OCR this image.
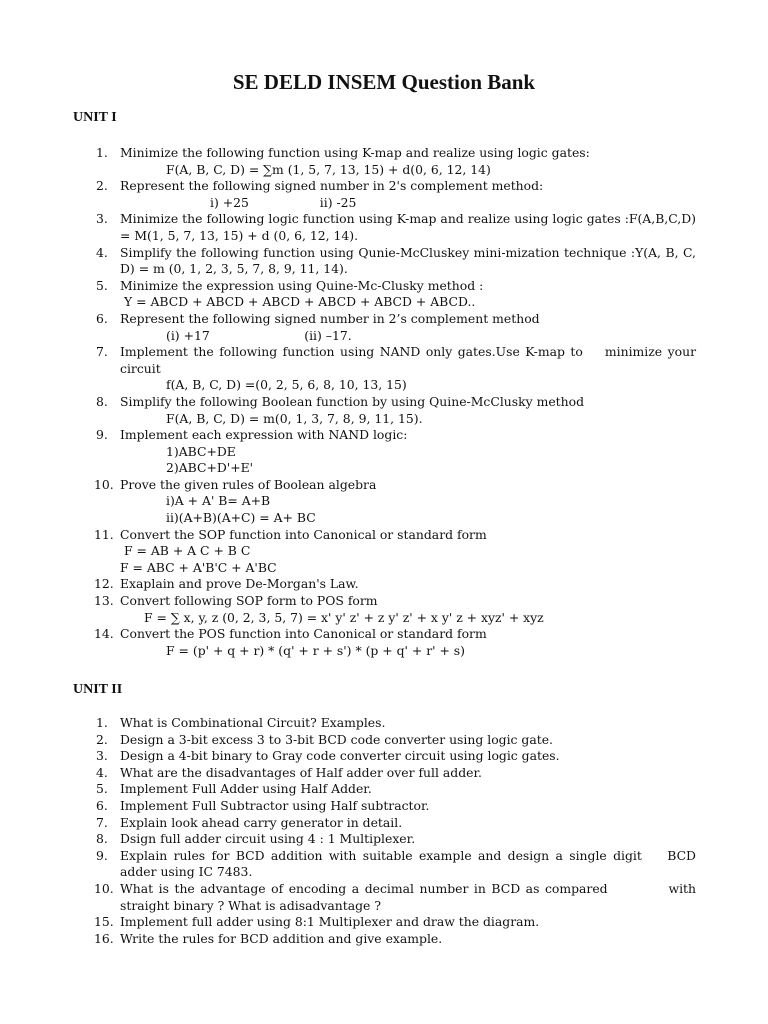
SE DELD INSEM Question Bank
UNIT I
1. Minimize the following function using K-map and realize using logic gates:
F(A, B, C, D) = ∑m (1, 5, 7, 13, 15) + d(0, 6, 12, 14)
2. Represent the following signed number in 2's complement method:
i) +25                  ii) -25
3. Minimize the following logic function using K-map and realize using logic gates :F(A,B,C,D) = M(1, 5, 7, 13, 15) + d (0, 6, 12, 14).
4. Simplify the following function using Qunie-McCluskey mini-mization technique :Y(A, B, C, D) = m (0, 1, 2, 3, 5, 7, 8, 9, 11, 14).
5. Minimize the expression using Quine-Mc-Clusky method :
Y = ABCD + ABCD + ABCD + ABCD + ABCD + ABCD..
6. Represent the following signed number in 2’s complement method
(i) +17                        (ii) –17.
7. Implement the following function using NAND only gates.Use K-map to    minimize your circuit
f(A, B, C, D) =(0, 2, 5, 6, 8, 10, 13, 15)
8. Simplify the following Boolean function by using Quine-McClusky method
F(A, B, C, D) = m(0, 1, 3, 7, 8, 9, 11, 15).
9. Implement each expression with NAND logic:
1)ABC+DE
2)ABC+D'+E'
10. Prove the given rules of Boolean algebra
i)A + A' B= A+B
ii)(A+B)(A+C) = A+ BC
11. Convert the SOP function into Canonical or standard form
F = AB + A C + B C
F = ABC + A'B'C + A'BC
12. Exaplain and prove De-Morgan's Law.
13. Convert following SOP form to POS form
F = ∑ x, y, z (0, 2, 3, 5, 7) = x' y' z' + z y' z' + x y' z + xyz' + xyz
14. Convert the POS function into Canonical or standard form
F = (p' + q + r) * (q' + r + s') * (p + q' + r' + s)
UNIT II
1. What is Combinational Circuit? Examples.
2. Design a 3-bit excess 3 to 3-bit BCD code converter using logic gate.
3. Design a 4-bit binary to Gray code converter circuit using logic gates.
4. What are the disadvantages of Half adder over full adder.
5. Implement Full Adder using Half Adder.
6. Implement Full Subtractor using Half subtractor.
7. Explain look ahead carry generator in detail.
8. Dsign full adder circuit using 4 : 1 Multiplexer.
9. Explain rules for BCD addition with suitable example and design a single digit    BCD adder using IC 7483.
10. What is the advantage of encoding a decimal number in BCD as compared           with straight binary ? What is adisadvantage ?
15. Implement full adder using 8:1 Multiplexer and draw the diagram.
16. Write the rules for BCD addition and give example.
